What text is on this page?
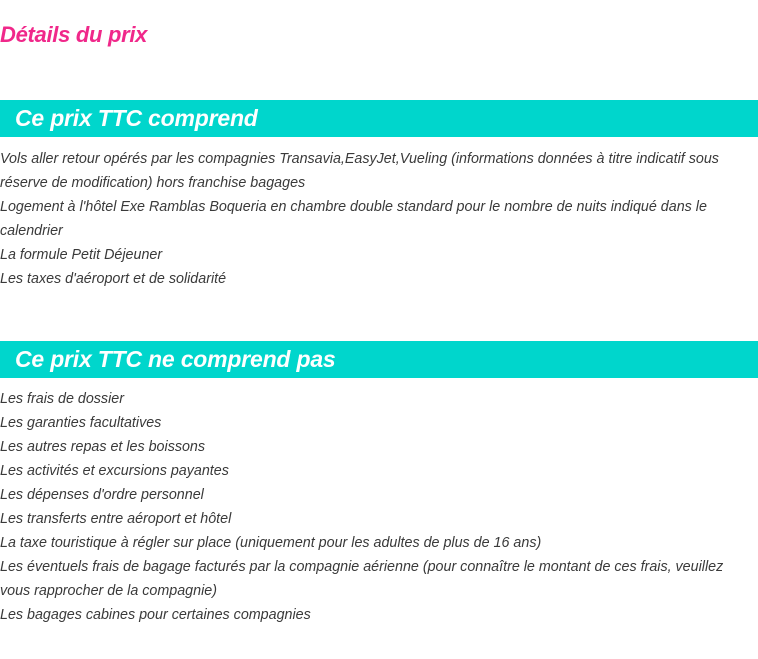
Détails du prix
Ce prix TTC comprend
Vols aller retour opérés par les compagnies Transavia,EasyJet,Vueling (informations données à titre indicatif sous réserve de modification) hors franchise bagages
Logement à l'hôtel Exe Ramblas Boqueria en chambre double standard pour le nombre de nuits indiqué dans le calendrier
La formule Petit Déjeuner
Les taxes d'aéroport et de solidarité
Ce prix TTC ne comprend pas
Les frais de dossier
Les garanties facultatives
Les autres repas et les boissons
Les activités et excursions payantes
Les dépenses d'ordre personnel
Les transferts entre aéroport et hôtel
La taxe touristique à régler sur place (uniquement pour les adultes de plus de 16 ans)
Les éventuels frais de bagage facturés par la compagnie aérienne (pour connaître le montant de ces frais, veuillez vous rapprocher de la compagnie)
Les bagages cabines pour certaines compagnies
